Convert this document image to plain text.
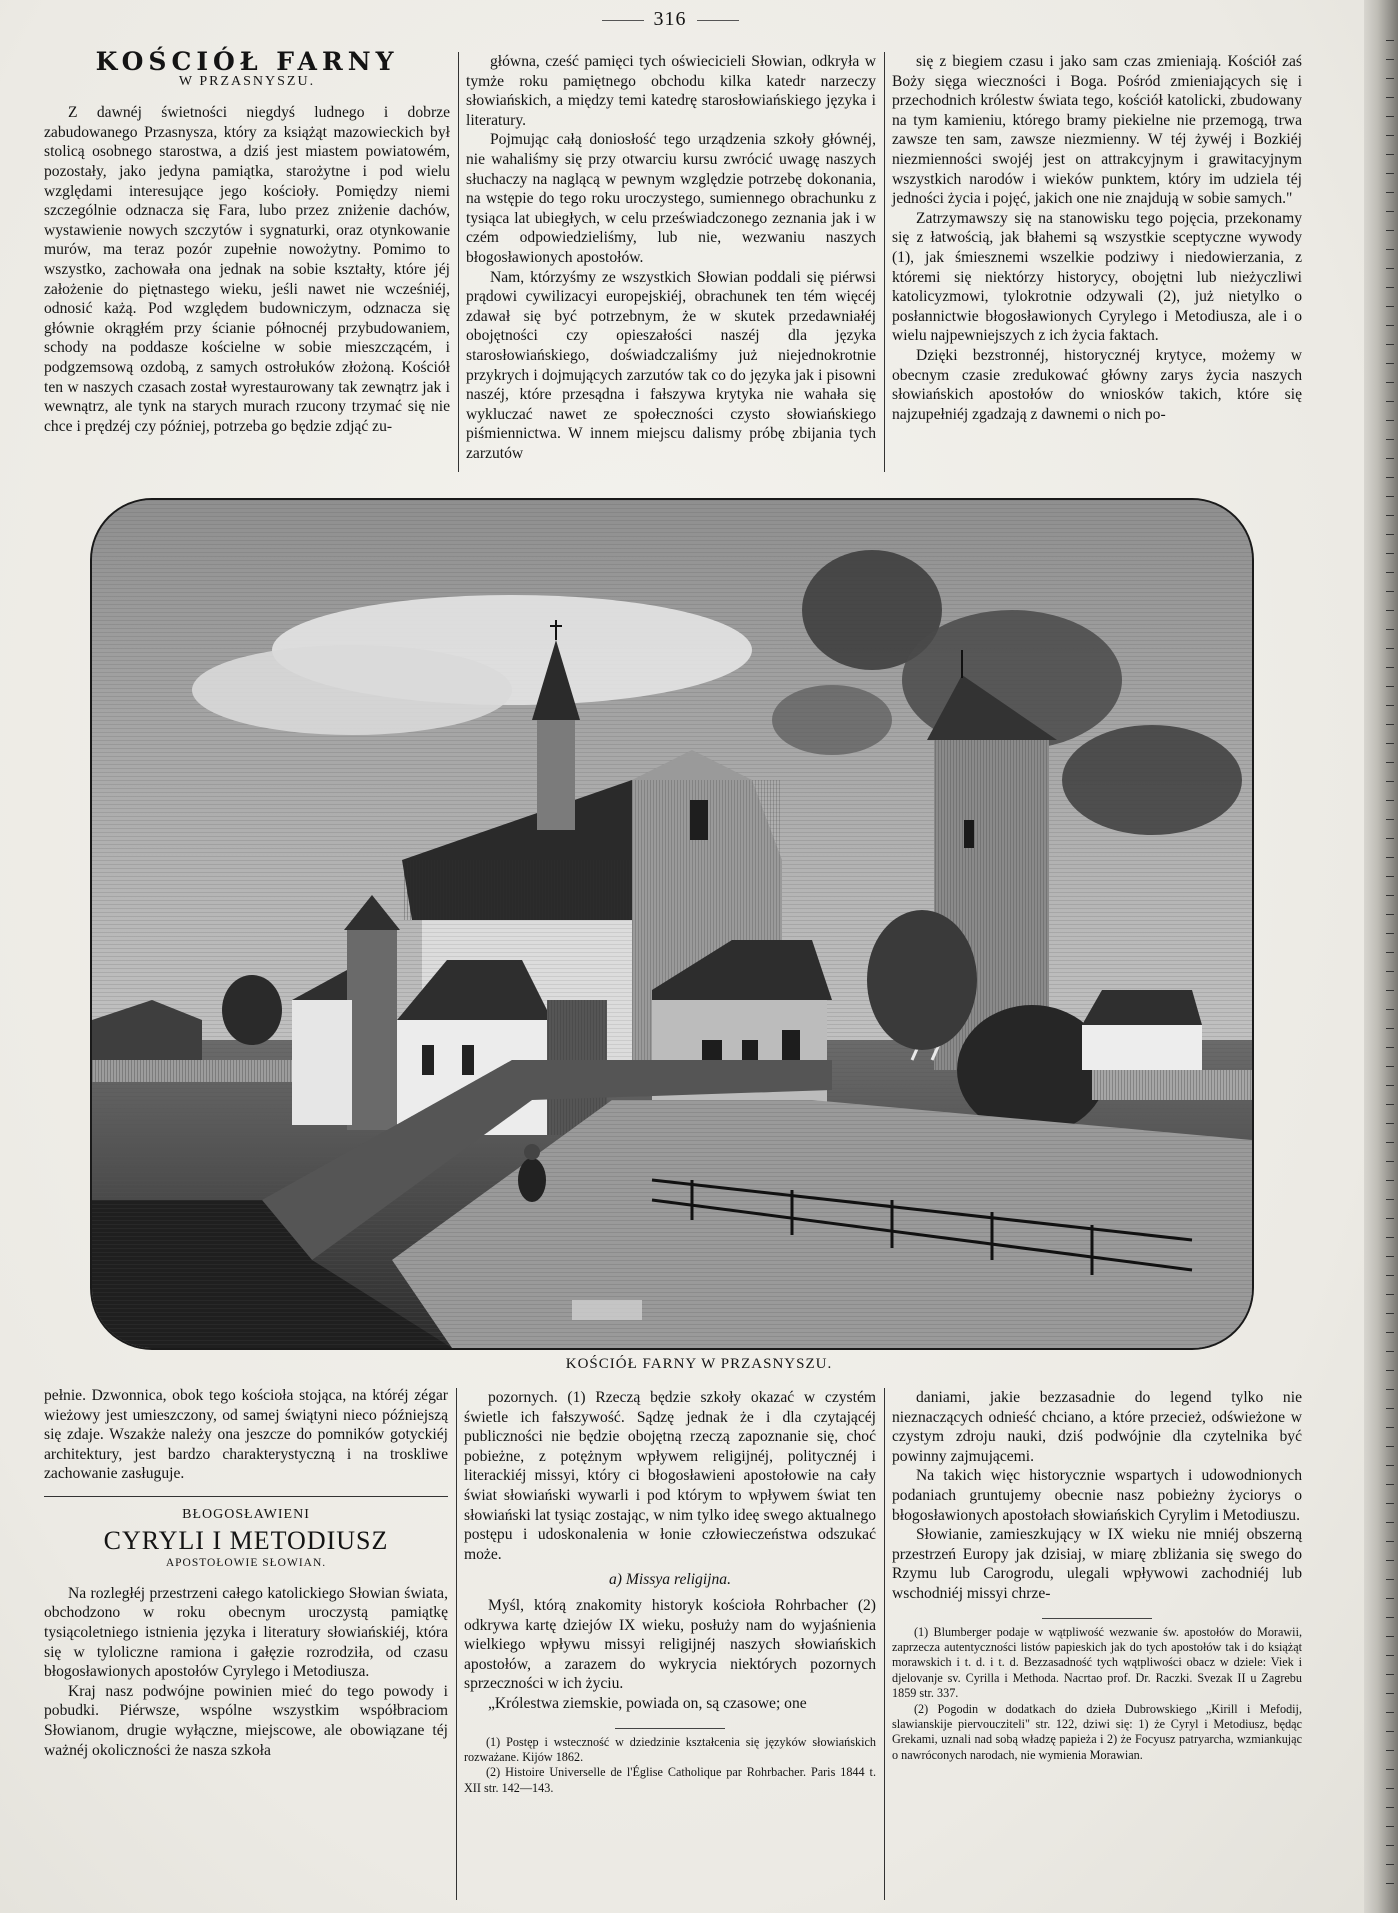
316
KOŚCIÓŁ FARNY
W PRZASNYSZU.

Z dawnéj świetności niegdyś ludnego i dobrze zabudowanego Przasnysza, który za książąt mazowieckich był stolicą osobnego starostwa, a dziś jest miastem powiatowém, pozostały, jako jedyna pamiątka, starożytne i pod wielu względami interesujące jego kościoły. Pomiędzy niemi szczególnie odznacza się Fara, lubo przez zniżenie dachów, wystawienie nowych szczytów i sygnaturki, oraz otynkowanie murów, ma teraz pozór zupełnie nowożytny. Pomimo to wszystko, zachowała ona jednak na sobie kształty, które jéj założenie do piętnastego wieku, jeśli nawet nie wcześniéj, odnosić każą. Pod względem budowniczym, odznacza się głównie okrągłém przy ścianie północnéj przybudowaniem, schody na poddasze kościelne w sobie mieszczącém, i podgzemsową ozdobą, z samych ostrołuków złożoną. Kościół ten w naszych czasach został wyrestaurowany tak zewnątrz jak i wewnątrz, ale tynk na starych murach rzucony trzymać się nie chce i prędzéj czy później, potrzeba go będzie zdjąć zu-

główna, cześć pamięci tych oświecicieli Słowian, odkryła w tymże roku pamiętnego obchodu kilka katedr narzeczy słowiańskich, a między temi katedrę starosłowiańskiego języka i literatury.

Pojmując całą doniosłość tego urządzenia szkoły głównéj, nie wahaliśmy się przy otwarciu kursu zwrócić uwagę naszych słuchaczy na naglącą w pewnym względzie potrzebę dokonania, na wstępie do tego roku uroczystego, sumiennego obrachunku z tysiąca lat ubiegłych, w celu przeświadczonego zeznania jak i w czém odpowiedzieliśmy, lub nie, wezwaniu naszych błogosławionych apostołów.

Nam, którzyśmy ze wszystkich Słowian poddali się piérwsi prądowi cywilizacyi europejskiéj, obrachunek ten tém więcéj zdawał się być potrzebnym, że w skutek przedawniałéj obojętności czy opieszałości naszéj dla języka starosłowiańskiego, doświadczaliśmy już niejednokrotnie przykrych i dojmujących zarzutów tak co do języka jak i pisowni naszéj, które przesądna i fałszywa krytyka nie wahała się wykluczać nawet ze społeczności czysto słowiańskiego piśmiennictwa. W innem miejscu dalismy próbę zbijania tych zarzutów

się z biegiem czasu i jako sam czas zmieniają. Kościół zaś Boży sięga wieczności i Boga. Pośród zmieniających się i przechodnich królestw świata tego, kościół katolicki, zbudowany na tym kamieniu, którego bramy piekielne nie przemogą, trwa zawsze ten sam, zawsze niezmienny. W téj żywéj i Bozkiéj niezmienności swojéj jest on attrakcyjnym i grawitacyjnym wszystkich narodów i wieków punktem, który im udziela téj jedności życia i pojęć, jakich one nie znajdują w sobie samych."

Zatrzymawszy się na stanowisku tego pojęcia, przekonamy się z łatwością, jak błahemi są wszystkie sceptyczne wywody (1), jak śmiesznemi wszelkie podziwy i niedowierzania, z któremi się niektórzy historycy, obojętni lub nieżyczliwi katolicyzmowi, tylokrotnie odzywali (2), już nietylko o posłannictwie błogosławionych Cyrylego i Metodiusza, ale i o wielu najpewniejszych z ich życia faktach.

Dzięki bezstronnéj, historycznéj krytyce, możemy w obecnym czasie zredukować główny zarys życia naszych słowiańskich apostołów do wniosków takich, które się najzupełniéj zgadzają z dawnemi o nich po-

KOŚCIÓŁ FARNY W PRZASNYSZU.

pełnie. Dzwonnica, obok tego kościoła stojąca, na któréj zégar wieżowy jest umieszczony, od samej świątyni nieco późniejszą się zdaje. Wszakże należy ona jeszcze do pomników gotyckiéj architektury, jest bardzo charakterystyczną i na troskliwe zachowanie zasługuje.

BŁOGOSŁAWIENI
CYRYLI I METODIUSZ
APOSTOŁOWIE SŁOWIAN.

Na rozległéj przestrzeni całego katolickiego Słowian świata, obchodzono w roku obecnym uroczystą pamiątkę tysiącoletniego istnienia języka i literatury słowiańskiéj, która się w tyloliczne ramiona i gałęzie rozrodziła, od czasu błogosławionych apostołów Cyrylego i Metodiusza.

Kraj nasz podwójne powinien mieć do tego powody i pobudki. Piérwsze, wspólne wszystkim współbraciom Słowianom, drugie wyłączne, miejscowe, ale obowiązane téj ważnéj okoliczności że nasza szkoła

pozornych. (1) Rzeczą będzie szkoły okazać w czystém świetle ich fałszywość. Sądzę jednak że i dla czytającéj publiczności nie będzie obojętną rzeczą zapoznanie się, choć pobieżne, z potężnym wpływem religijnéj, politycznéj i literackiéj missyi, który ci błogosławieni apostołowie na cały świat słowiański wywarli i pod którym to wpływem świat ten słowiański lat tysiąc zostając, w nim tylko ideę swego aktualnego postępu i udoskonalenia w łonie człowieczeństwa odszukać może.

a) Missya religijna.

Myśl, którą znakomity historyk kościoła Rohrbacher (2) odkrywa kartę dziejów IX wieku, posłuży nam do wyjaśnienia wielkiego wpływu missyi religijnéj naszych słowiańskich apostołów, a zarazem do wykrycia niektórych pozornych sprzeczności w ich życiu.

„Królestwa ziemskie, powiada on, są czasowe; one

(1) Postęp i wsteczność w dziedzinie kształcenia się języków słowiańskich rozważane. Kijów 1862.

(2) Histoire Universelle de l'Église Catholique par Rohrbacher. Paris 1844 t. XII str. 142—143.

daniami, jakie bezzasadnie do legend tylko nie nieznaczących odnieść chciano, a które przecież, odświeżone w czystym zdroju nauki, dziś podwójnie dla czytelnika być powinny zajmującemi.

Na takich więc historycznie wspartych i udowodnionych podaniach gruntujemy obecnie nasz pobieżny życiorys o błogosławionych apostołach słowiańskich Cyrylim i Metodiuszu.

Słowianie, zamieszkujący w IX wieku nie mniéj obszerną przestrzeń Europy jak dzisiaj, w miarę zbliżania się swego do Rzymu lub Carogrodu, ulegali wpływowi zachodniéj lub wschodniéj missyi chrze-

(1) Blumberger podaje w wątpliwość wezwanie św. apostołów do Morawii, zaprzecza autentyczności listów papieskich jak do tych apostołów tak i do książąt morawskich i t. d. i t. d. Bezzasadność tych wątpliwości obacz w dziele: Viek i djelovanje sv. Cyrilla i Methoda. Nacrtao prof. Dr. Raczki. Svezak II u Zagrebu 1859 str. 337.

(2) Pogodin w dodatkach do dzieła Dubrowskiego „Kirill i Mefodij, slawianskije piervoucziteli" str. 122, dziwi się: 1) że Cyryl i Metodiusz, będąc Grekami, uznali nad sobą władzę papieża i 2) że Focyusz patryarcha, wzmiankując o nawróconych narodach, nie wymienia Morawian.
